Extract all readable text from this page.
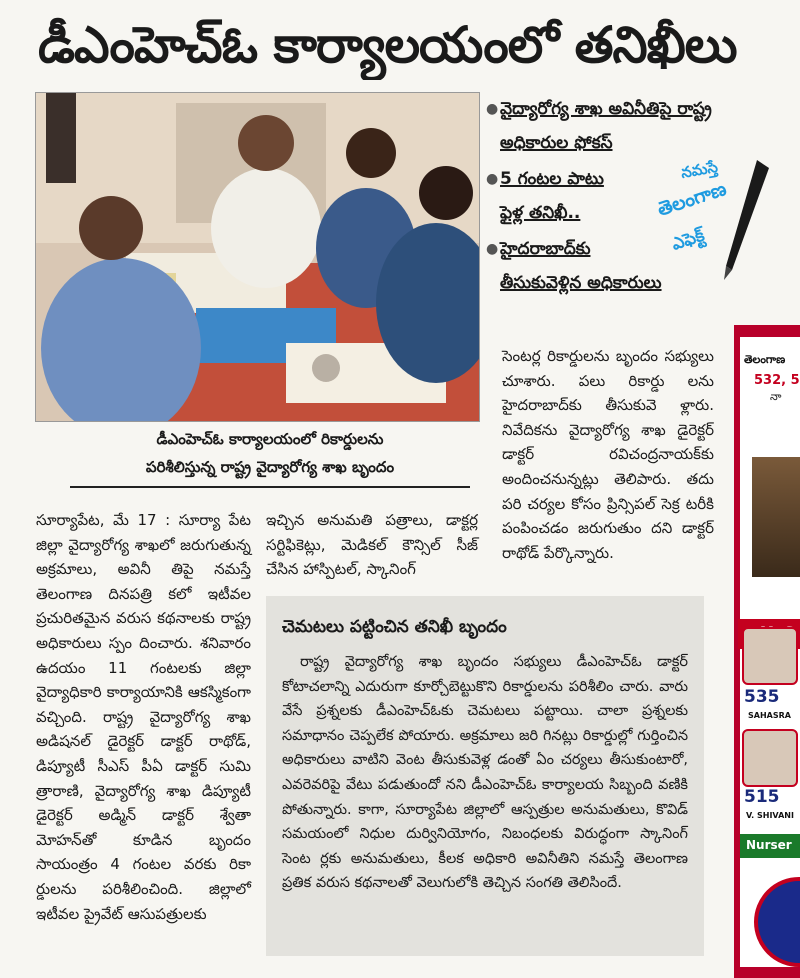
డీఎంహెచ్ఓ కార్యాలయంలో తనిఖీలు
డీఎంహెచ్ఓ కార్యాలయంలో రికార్డులను
పరిశీలిస్తున్న రాష్ట్ర వైద్యారోగ్య శాఖ బృందం
● వైద్యారోగ్య శాఖ అవినీతిపై రాష్ట్ర
అధికారుల ఫోకస్
● 5 గంటల పాటు
ఫైళ్ల తనిఖీ..
● హైదరాబాద్‌కు
తీసుకువెళ్లిన అధికారులు
నమస్తే
తెలంగాణ
ఎఫెక్ట్

సూర్యాపేట, మే 17 : సూర్యా పేట జిల్లా వైద్యారోగ్య శాఖలో జరుగుతున్న అక్రమాలు, అవినీ తిపై నమస్తే తెలంగాణ దినపత్రి కలో ఇటీవల ప్రచురితమైన వరుస కథనాలకు రాష్ట్ర అధికారులు స్పం దించారు. శనివారం ఉదయం 11 గంటలకు జిల్లా వైద్యాధికారి కార్యాయానికి ఆకస్మికంగా వచ్చింది. రాష్ట్ర వైద్యారోగ్య శాఖ అడిషనల్ డైరెక్టర్ డాక్టర్ రాథోడ్, డిప్యూటీ సీఎస్ పీఏ డాక్టర్ సుమి త్రారాణి, వైద్యారోగ్య శాఖ డిప్యూటీ డైరెక్టర్ అడ్మిన్ డాక్టర్ శ్వేతా మోహన్‌తో కూడిన బృందం సాయంత్రం 4 గంటల వరకు రికా ర్డులను పరిశీలించింది. జిల్లాలో ఇటీవల ప్రైవేట్ ఆసుపత్రులకు

ఇచ్చిన అనుమతి పత్రాలు, డాక్టర్ల సర్టిఫికెట్లు, మెడికల్ కౌన్సిల్ సీజ్ చేసిన హాస్పిటల్, స్కానింగ్

సెంటర్ల రికార్డులను బృందం సభ్యులు చూశారు. పలు రికార్డు లను హైదరాబాద్‌కు తీసుకువె ళ్లారు. నివేదికను వైద్యారోగ్య శాఖ డైరెక్టర్ డాక్టర్ రవిచంద్రనాయక్‌కు అందించనున్నట్లు తెలిపారు. తదు పరి చర్యల కోసం ప్రిన్సిపల్ సెక్ర టరీకి పంపించడం జరుగుతుం దని డాక్టర్ రాథోడ్ పేర్కొన్నారు.

చెమటలు పట్టించిన తనిఖీ బృందం

రాష్ట్ర వైద్యారోగ్య శాఖ బృందం సభ్యులు డీఎంహెచ్ఓ డాక్టర్ కోటాచలాన్ని ఎదురుగా కూర్చోబెట్టుకొని రికార్డులను పరిశీలిం చారు. వారు వేసే ప్రశ్నలకు డీఎంహెచ్ఓకు చెమటలు పట్టాయి. చాలా ప్రశ్నలకు సమాధానం చెప్పలేక పోయారు. అక్రమాలు జరి గినట్లు రికార్డుల్లో గుర్తించిన అధికారులు వాటిని వెంట తీసుకువెళ్ల డంతో ఏం చర్యలు తీసుకుంటారో, ఎవరెవరిపై వేటు పడుతుందో నని డీఎంహెచ్ఓ కార్యాలయ సిబ్బంది వణికి పోతున్నారు. కాగా, సూర్యాపేట జిల్లాలో ఆస్పత్రుల అనుమతులు, కొవిడ్ సమయంలో నిధుల దుర్వినియోగం, నిబంధలకు విరుద్ధంగా స్కానింగ్ సెంట ర్లకు అనుమతులు, కీలక అధికారి అవినీతిని నమస్తే తెలంగాణ ప్రతిక వరుస కథనాలతో వెలుగులోకి తెచ్చిన సంగతి తెలిసిందే.

తెలంగాణ
532, 5
నా
535
SAHASRA
515
V. SHIVANI
Nurser
